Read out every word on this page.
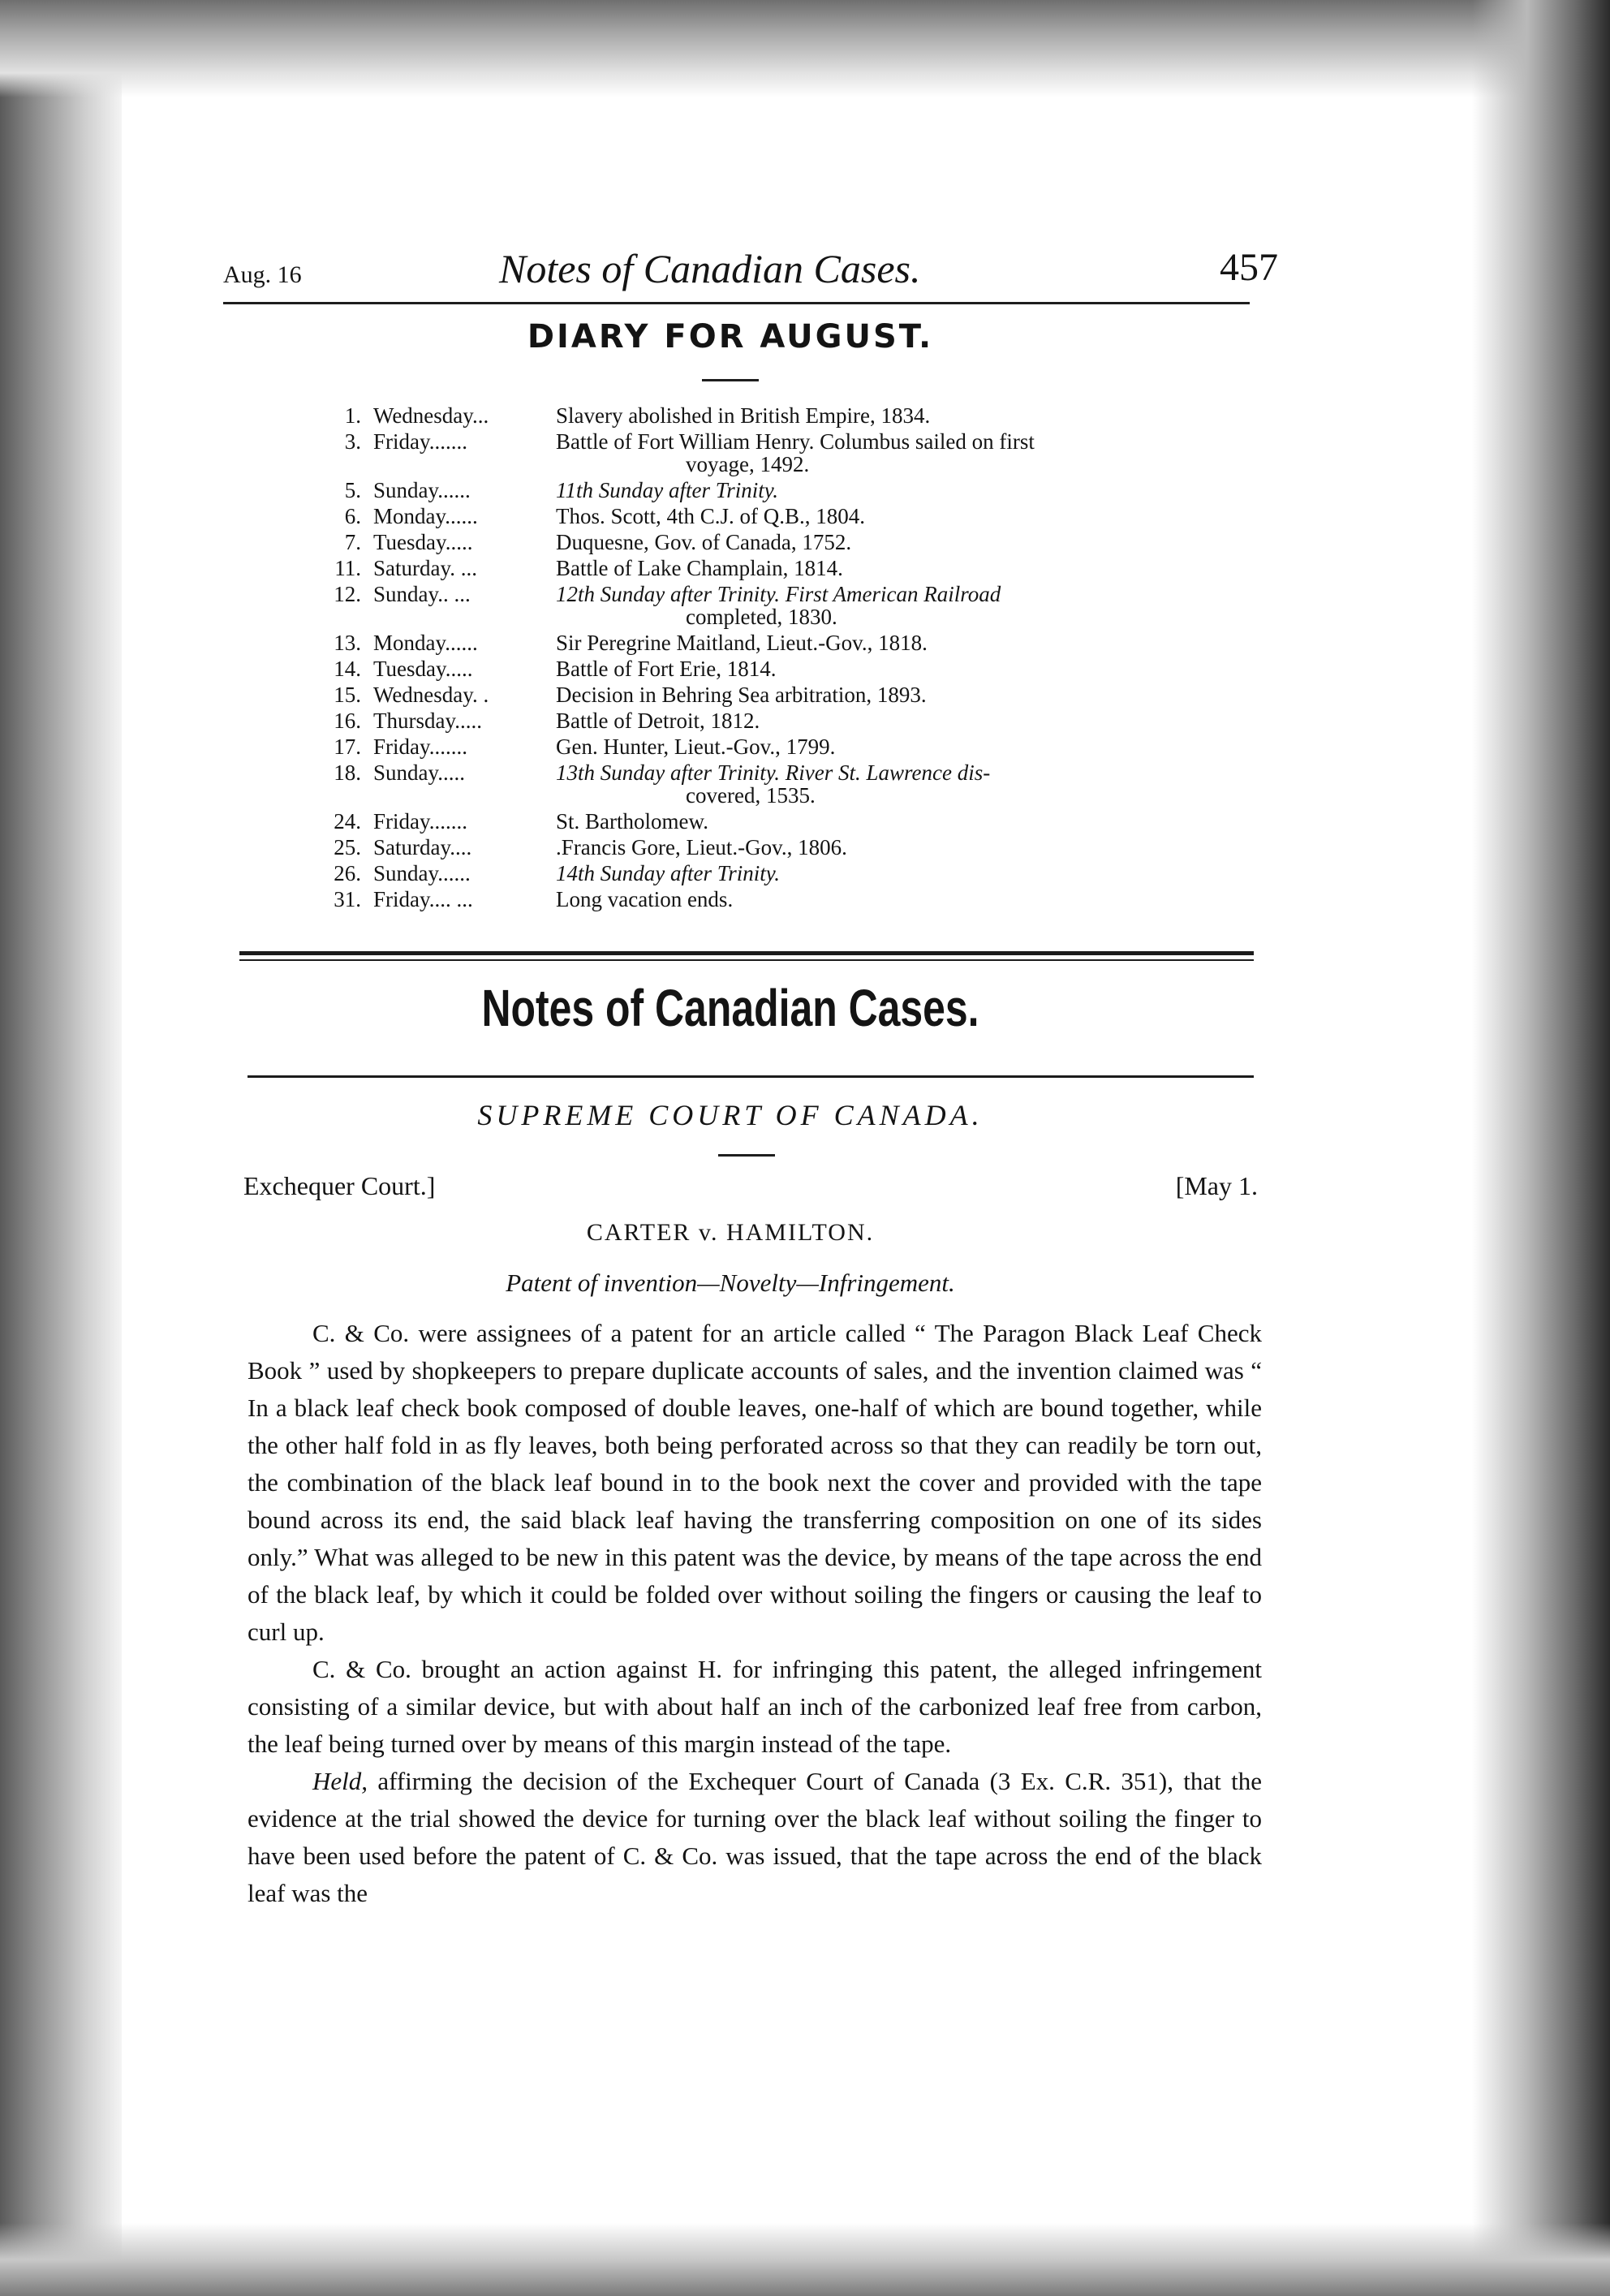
Aug. 16	Notes of Canadian Cases.	457
DIARY FOR AUGUST.
1. Wednesday...	Slavery abolished in British Empire, 1834.
3. Friday.......	Battle of Fort William Henry. Columbus sailed on first
voyage, 1492.
5. Sunday......	11th Sunday after Trinity.
6. Monday......	Thos. Scott, 4th C.J. of Q.B., 1804.
7. Tuesday.....	Duquesne, Gov. of Canada, 1752.
11. Saturday. ...	Battle of Lake Champlain, 1814.
12. Sunday.. ...	12th Sunday after Trinity. First American Railroad
completed, 1830.
13. Monday......	Sir Peregrine Maitland, Lieut.-Gov., 1818.
14. Tuesday.....	Battle of Fort Erie, 1814.
15. Wednesday. .	Decision in Behring Sea arbitration, 1893.
16. Thursday.....	Battle of Detroit, 1812.
17. Friday.......	Gen. Hunter, Lieut.-Gov., 1799.
18. Sunday.....	13th Sunday after Trinity. River St. Lawrence dis-
covered, 1535.
24. Friday.......	St. Bartholomew.
25. Saturday....	.Francis Gore, Lieut.-Gov., 1806.
26. Sunday......	14th Sunday after Trinity.
31. Friday.... ...	Long vacation ends.
Notes of Canadian Cases.
SUPREME COURT OF CANADA.
Exchequer Court.]	[May 1.
CARTER v. HAMILTON.
Patent of invention—Novelty—Infringement.

C. & Co. were assignees of a patent for an article called “ The Paragon Black Leaf Check Book ” used by shopkeepers to prepare duplicate accounts of sales, and the invention claimed was “ In a black leaf check book composed of double leaves, one-half of which are bound together, while the other half fold in as fly leaves, both being perforated across so that they can readily be torn out, the combination of the black leaf bound in to the book next the cover and provided with the tape bound across its end, the said black leaf having the transferring composition on one of its sides only.” What was alleged to be new in this patent was the device, by means of the tape across the end of the black leaf, by which it could be folded over without soiling the fingers or causing the leaf to curl up.

C. & Co. brought an action against H. for infringing this patent, the alleged infringement consisting of a similar device, but with about half an inch of the carbonized leaf free from carbon, the leaf being turned over by means of this margin instead of the tape.

Held, affirming the decision of the Exchequer Court of Canada (3 Ex. C.R. 351), that the evidence at the trial showed the device for turning over the black leaf without soiling the finger to have been used before the patent of C. & Co. was issued, that the tape across the end of the black leaf was the
